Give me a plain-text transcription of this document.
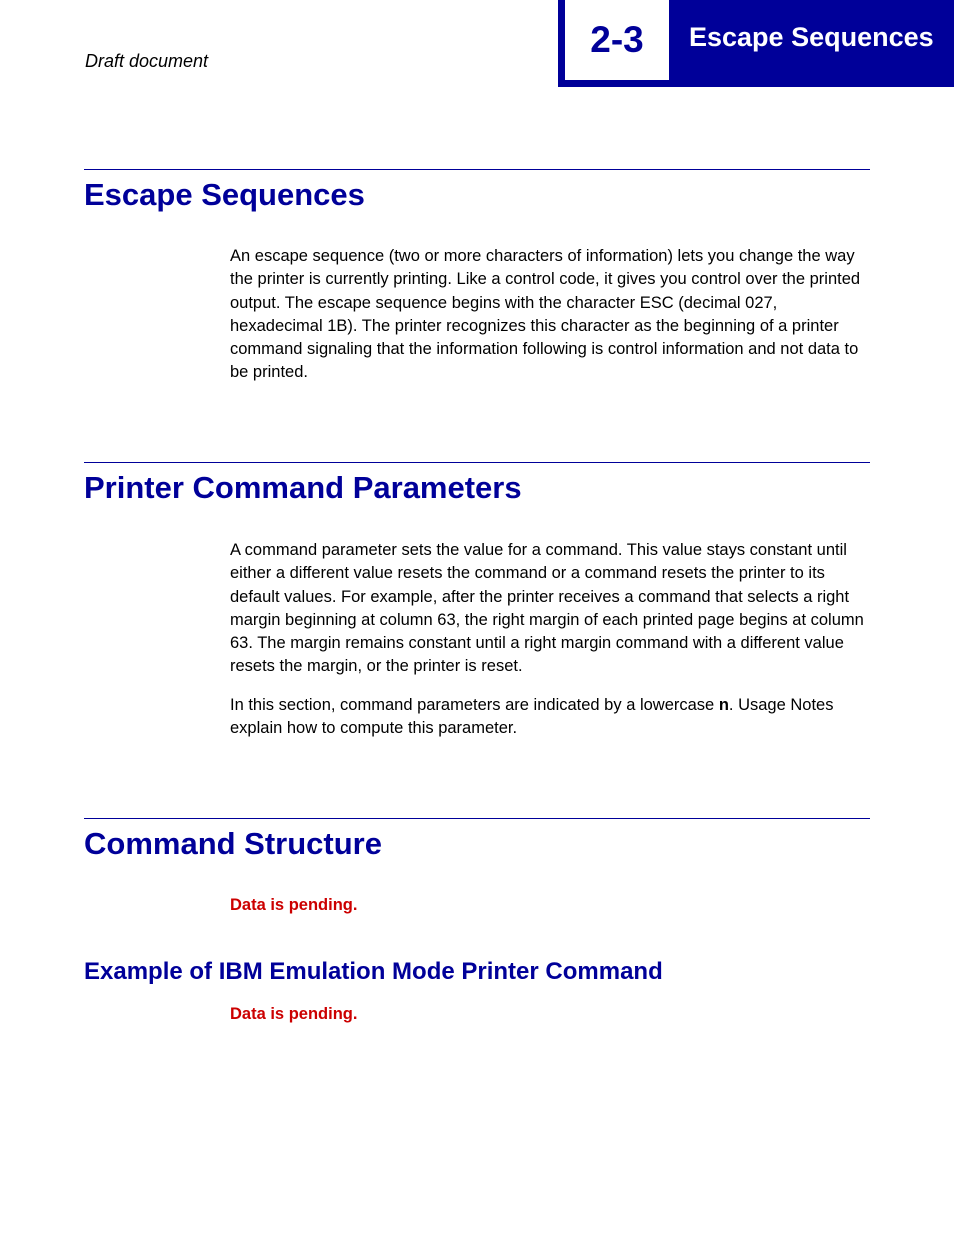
2-3	Escape Sequences
Draft document
Escape Sequences

An escape sequence (two or more characters of information) lets you change the way the printer is currently printing. Like a control code, it gives you control over the printed output. The escape sequence begins with the character ESC (decimal 027, hexadecimal 1B). The printer recognizes this character as the beginning of a printer command signaling that the information following is control information and not data to be printed.

Printer Command Parameters

A command parameter sets the value for a command. This value stays constant until either a different value resets the command or a command resets the printer to its default values. For example, after the printer receives a command that selects a right margin beginning at column 63, the right margin of each printed page begins at column 63. The margin remains constant until a right margin command with a different value resets the margin, or the printer is reset.

In this section, command parameters are indicated by a lowercase n. Usage Notes explain how to compute this parameter.

Command Structure

Data is pending.

Example of IBM Emulation Mode Printer Command

Data is pending.
